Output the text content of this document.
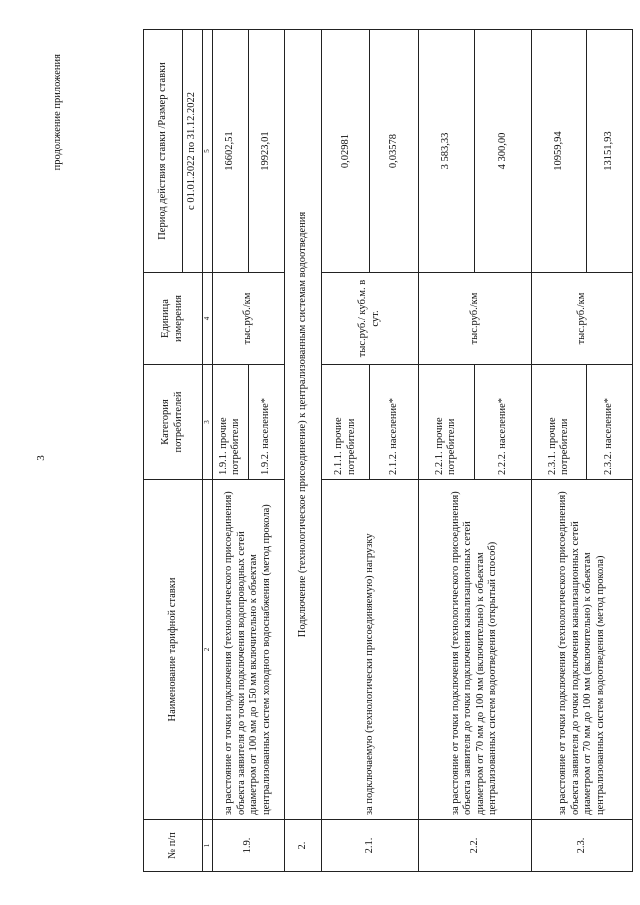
3
продолжение приложения
№ п/п	Наименование тарифной ставки	Категория потребителей	Единица измерения	Период действия ставки /Размер ставки
				с 01.01.2022 по 31.12.2022
1	2	3	4	5
1.9.	за расстояние от точки подключения (технологического присоединения) объекта заявителя до точки подключения водопроводных сетей диаметром от 100 мм до 150 мм включительно к объектам централизованных систем холодного водоснабжения (метод прокола)	1.9.1. прочие потребители	тыс.руб./км	16602,51
		1.9.2. население*		19923,01
2.	Подключение (технологическое присоединение) к централизованным системам водоотведения			
2.1.	за подключаемую (технологически присоединяемую) нагрузку	2.1.1. прочие потребители	тыс.руб./ куб.м. в сут.	0,02981
		2.1.2. население*		0,03578
2.2.	за расстояние от точки подключения (технологического присоединения) объекта заявителя до точки подключения канализационных сетей диаметром от 70 мм до 100 мм (включительно) к объектам централизованных систем водоотведения (открытый способ)	2.2.1. прочие потребители	тыс.руб./км	3 583,33
		2.2.2. население*		4 300,00
2.3.	за расстояние от точки подключения (технологического присоединения) объекта заявителя до точки подключения канализационных сетей диаметром от 70 мм до 100 мм (включительно) к объектам централизованных систем водоотведения (метод прокола)	2.3.1. прочие потребители	тыс.руб./км	10959,94
		2.3.2. население*		13151,93
